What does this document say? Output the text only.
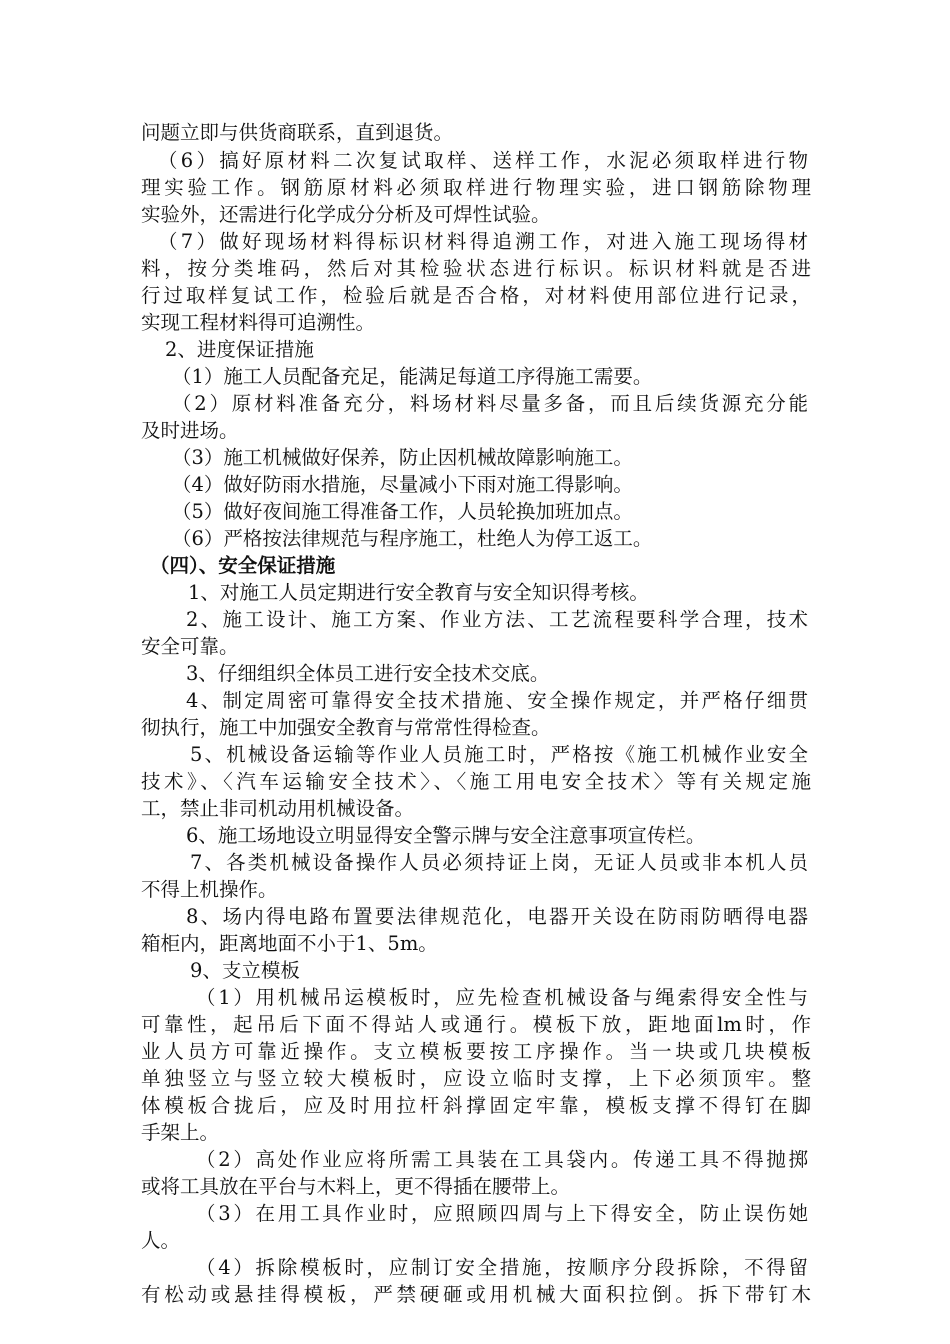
问题立即与供货商联系，直到退货。
（6）搞好原材料二次复试取样、送样工作，水泥必须取样进行物
理实验工作。钢筋原材料必须取样进行物理实验，进口钢筋除物理
实验外，还需进行化学成分分析及可焊性试验。
（7）做好现场材料得标识材料得追溯工作，对进入施工现场得材
料，按分类堆码，然后对其检验状态进行标识。标识材料就是否进
行过取样复试工作，检验后就是否合格，对材料使用部位进行记录，
实现工程材料得可追溯性。
2、进度保证措施
（1）施工人员配备充足，能满足每道工序得施工需要。
（2）原材料准备充分，料场材料尽量多备，而且后续货源充分能
及时进场。
（3）施工机械做好保养，防止因机械故障影响施工。
（4）做好防雨水措施，尽量减小下雨对施工得影响。
（5）做好夜间施工得准备工作，人员轮换加班加点。
（6）严格按法律规范与程序施工，杜绝人为停工返工。
（四）、安全保证措施
1、对施工人员定期进行安全教育与安全知识得考核。
2、施工设计、施工方案、作业方法、工艺流程要科学合理，技术
安全可靠。
3、仔细组织全体员工进行安全技术交底。
4、制定周密可靠得安全技术措施、安全操作规定，并严格仔细贯
彻执行，施工中加强安全教育与常常性得检查。
5、机械设备运输等作业人员施工时，严格按《施工机械作业安全
技术》、〈汽车运输安全技术〉、〈施工用电安全技术〉等有关规定施
工，禁止非司机动用机械设备。
6、施工场地设立明显得安全警示牌与安全注意事项宣传栏。
7、各类机械设备操作人员必须持证上岗，无证人员或非本机人员
不得上机操作。
8、场内得电路布置要法律规范化，电器开关设在防雨防晒得电器
箱柜内，距离地面不小于1、5m。
9、支立模板
（1）用机械吊运模板时，应先检查机械设备与绳索得安全性与
可靠性，起吊后下面不得站人或通行。模板下放，距地面lm时，作
业人员方可靠近操作。支立模板要按工序操作。当一块或几块模板
单独竖立与竖立较大模板时，应设立临时支撑，上下必须顶牢。整
体模板合拢后，应及时用拉杆斜撑固定牢靠，模板支撑不得钉在脚
手架上。
（2）高处作业应将所需工具装在工具袋内。传递工具不得抛掷
或将工具放在平台与木料上，更不得插在腰带上。
（3）在用工具作业时，应照顾四周与上下得安全，防止误伤她
人。
（4）拆除模板时，应制订安全措施，按顺序分段拆除，不得留
有松动或悬挂得模板，严禁硬砸或用机械大面积拉倒。拆下带钉木
